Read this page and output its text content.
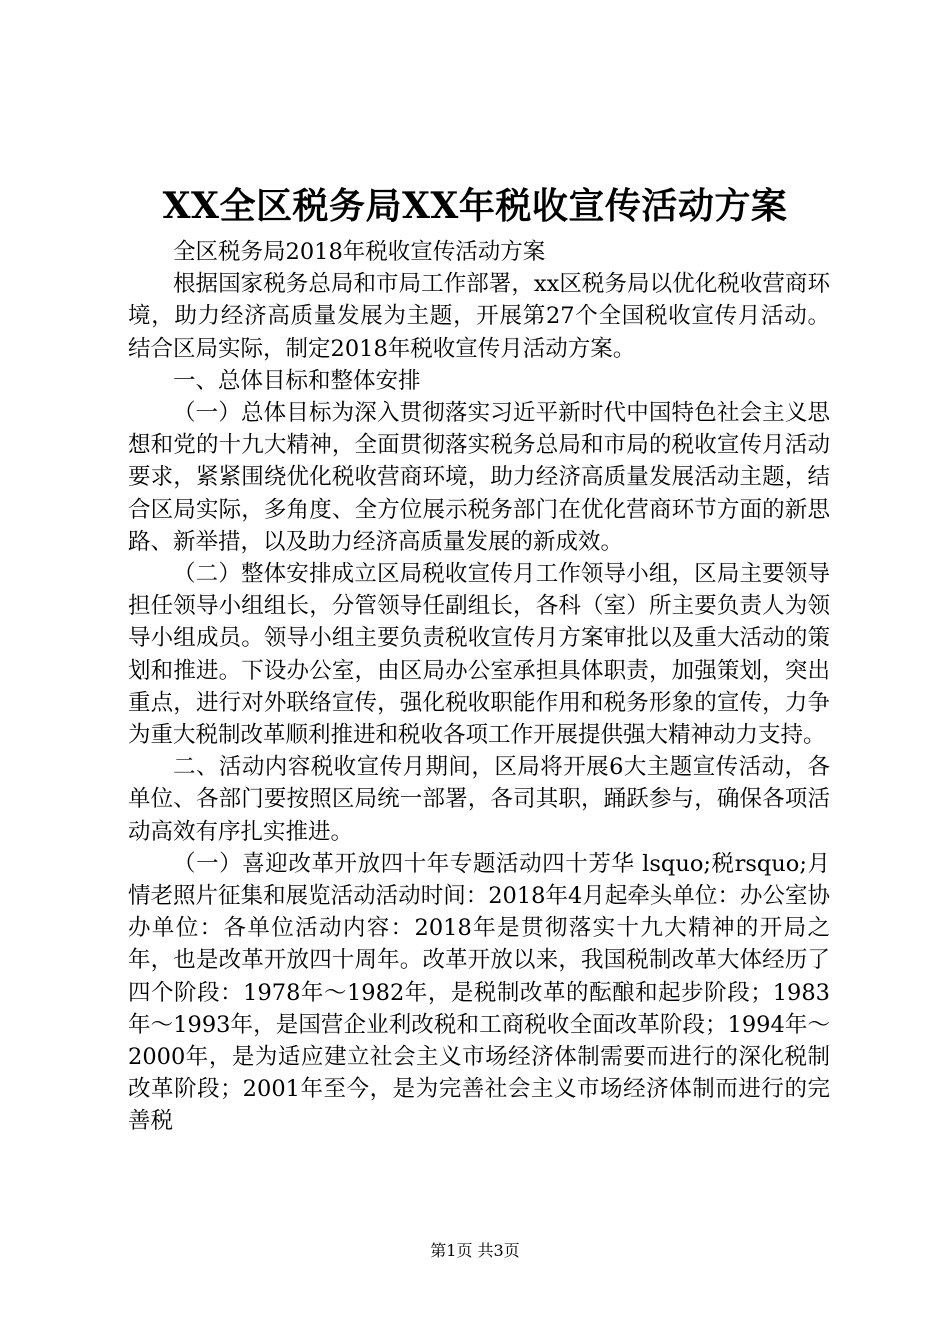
XX全区税务局XX年税收宣传活动方案

全区税务局2018年税收宣传活动方案

根据国家税务总局和市局工作部署，xx区税务局以优化税收营商环境，助力经济高质量发展为主题，开展第27个全国税收宣传月活动。结合区局实际，制定2018年税收宣传月活动方案。

一、总体目标和整体安排

（一）总体目标为深入贯彻落实习近平新时代中国特色社会主义思想和党的十九大精神，全面贯彻落实税务总局和市局的税收宣传月活动要求，紧紧围绕优化税收营商环境，助力经济高质量发展活动主题，结合区局实际，多角度、全方位展示税务部门在优化营商环节方面的新思路、新举措，以及助力经济高质量发展的新成效。

（二）整体安排成立区局税收宣传月工作领导小组，区局主要领导担任领导小组组长，分管领导任副组长，各科（室）所主要负责人为领导小组成员。领导小组主要负责税收宣传月方案审批以及重大活动的策划和推进。下设办公室，由区局办公室承担具体职责，加强策划，突出重点，进行对外联络宣传，强化税收职能作用和税务形象的宣传，力争为重大税制改革顺利推进和税收各项工作开展提供强大精神动力支持。

二、活动内容税收宣传月期间，区局将开展6大主题宣传活动，各单位、各部门要按照区局统一部署，各司其职，踊跃参与，确保各项活动高效有序扎实推进。

（一）喜迎改革开放四十年专题活动四十芳华 lsquo;税rsquo;月情老照片征集和展览活动活动时间：2018年4月起牵头单位：办公室协办单位：各单位活动内容：2018年是贯彻落实十九大精神的开局之年，也是改革开放四十周年。改革开放以来，我国税制改革大体经历了四个阶段：1978年～1982年，是税制改革的酝酿和起步阶段；1983年～1993年，是国营企业利改税和工商税收全面改革阶段；1994年～2000年，是为适应建立社会主义市场经济体制需要而进行的深化税制改革阶段；2001年至今，是为完善社会主义市场经济体制而进行的完善税

第1页 共3页
